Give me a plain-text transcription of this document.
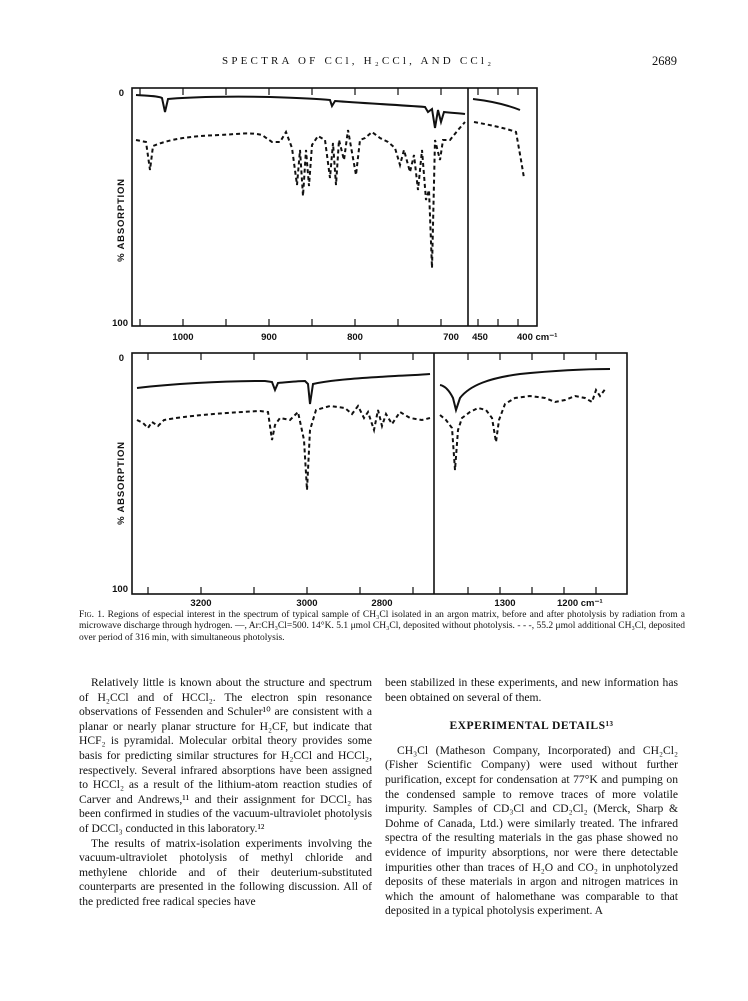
SPECTRA OF CCl, H₂CCl, AND CCl₂	2689
0
100
% ABSORPTION
1000	900	800	700 450	400 cm⁻¹
0
100
% ABSORPTION
3200	3000	2800	1300	1200 cm⁻¹
Fig. 1. Regions of especial interest in the spectrum of typical sample of CH₃Cl isolated in an argon matrix, before and after photolysis by radiation from a microwave discharge through hydrogen. —, Ar:CH₃Cl=500. 14°K. 5.1 μmol CH₃Cl, deposited without photolysis. - - -, 55.2 μmol additional CH₃Cl, deposited over period of 316 min, with simultaneous photolysis.

Relatively little is known about the structure and spectrum of H₂CCl and of HCCl₂. The electron spin resonance observations of Fessenden and Schuler¹⁰ are consistent with a planar or nearly planar structure for H₂CF, but indicate that HCF₂ is pyramidal. Molecular orbital theory provides some basis for predicting similar structures for H₂CCl and HCCl₂, respectively. Several infrared absorptions have been assigned to HCCl₂ as a result of the lithium-atom reaction studies of Carver and Andrews,¹¹ and their assignment for DCCl₂ has been confirmed in studies of the vacuum-ultraviolet photolysis of DCCl₃ conducted in this laboratory.¹²

The results of matrix-isolation experiments involving the vacuum-ultraviolet photolysis of methyl chloride and methylene chloride and of their deuterium-substituted counterparts are presented in the following discussion. All of the predicted free radical species have

been stabilized in these experiments, and new information has been obtained on several of them.

EXPERIMENTAL DETAILS¹³

CH₃Cl (Matheson Company, Incorporated) and CH₂Cl₂ (Fisher Scientific Company) were used without further purification, except for condensation at 77°K and pumping on the condensed sample to remove traces of more volatile impurity. Samples of CD₃Cl and CD₂Cl₂ (Merck, Sharp & Dohme of Canada, Ltd.) were similarly treated. The infrared spectra of the resulting materials in the gas phase showed no evidence of impurity absorptions, nor were there detectable impurities other than traces of H₂O and CO₂ in unphotolyzed deposits of these materials in argon and nitrogen matrices in which the amount of halomethane was comparable to that deposited in a typical photolysis experiment. A
